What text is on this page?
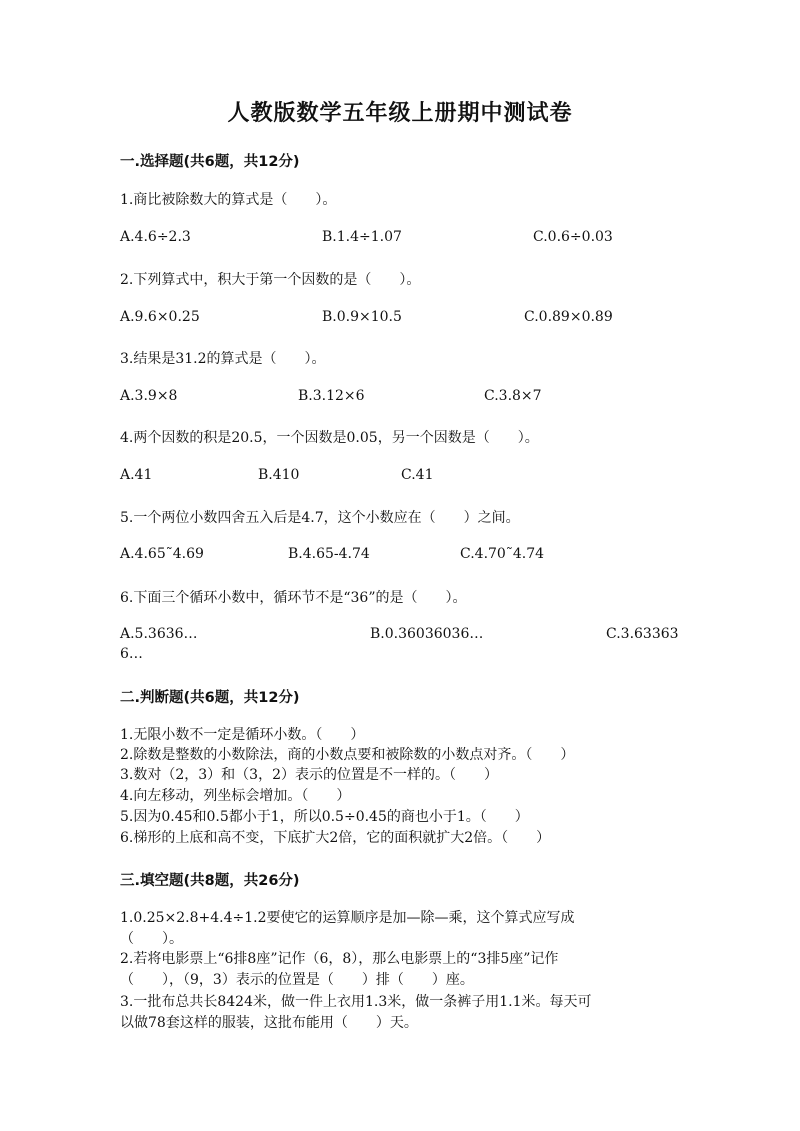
人教版数学五年级上册期中测试卷
一.选择题(共6题，共12分)
1.商比被除数大的算式是（　　）。
A.4.6÷2.3	B.1.4÷1.07	C.0.6÷0.03
2.下列算式中，积大于第一个因数的是（　　）。
A.9.6×0.25	B.0.9×10.5	C.0.89×0.89
3.结果是31.2的算式是（　　）。
A.3.9×8	B.3.12×6	C.3.8×7
4.两个因数的积是20.5，一个因数是0.05，另一个因数是（　　）。
A.41	B.410	C.41
5.一个两位小数四舍五入后是4.7，这个小数应在（　　）之间。
A.4.65˜4.69	B.4.65-4.74	C.4.70˜4.74
6.下面三个循环小数中，循环节不是“36”的是（　　）。
A.5.3636…	B.0.36036036…	C.3.63363
6…
二.判断题(共6题，共12分)
1.无限小数不一定是循环小数。（　　）
2.除数是整数的小数除法，商的小数点要和被除数的小数点对齐。（　　）
3.数对（2，3）和（3，2）表示的位置是不一样的。（　　）
4.向左移动，列坐标会增加。（　　）
5.因为0.45和0.5都小于1，所以0.5÷0.45的商也小于1。（　　）
6.梯形的上底和高不变，下底扩大2倍，它的面积就扩大2倍。（　　）
三.填空题(共8题，共26分)
1.0.25×2.8+4.4÷1.2要使它的运算顺序是加—除—乘，这个算式应写成
（　　）。
2.若将电影票上“6排8座”记作（6，8），那么电影票上的“3排5座”记作
（　　），（9，3）表示的位置是（　　）排（　　）座。
3.一批布总共长8424米，做一件上衣用1.3米，做一条裤子用1.1米。每天可
以做78套这样的服装，这批布能用（　　）天。
